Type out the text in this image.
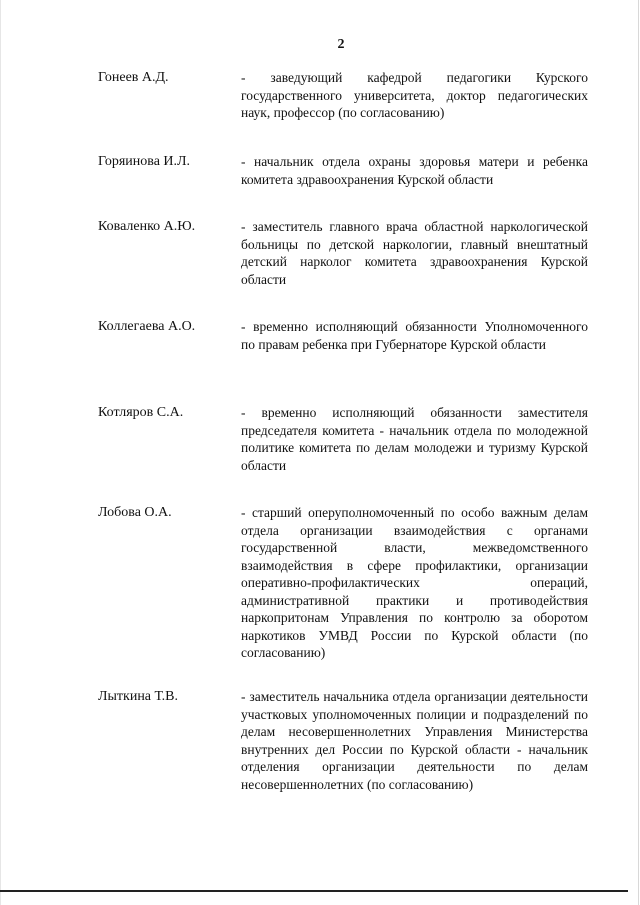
2
Гонеев А.Д.	- заведующий кафедрой педагогики Курского государственного университета, доктор педагогических наук, профессор (по согласованию)
Горяинова И.Л.	- начальник отдела охраны здоровья матери и ребенка комитета здравоохранения Курской области
Коваленко А.Ю.	- заместитель главного врача областной наркологической больницы по детской наркологии, главный внештатный детский нарколог комитета здравоохранения Курской области
Коллегаева А.О.	- временно исполняющий обязанности Уполномоченного по правам ребенка при Губернаторе Курской области
Котляров С.А.	- временно исполняющий обязанности заместителя председателя комитета - начальник отдела по молодежной политике комитета по делам молодежи и туризму Курской области
Лобова О.А.	- старший оперуполномоченный по особо важным делам отдела организации взаимодействия с органами государственной власти, межведомственного взаимодействия в сфере профилактики, организации оперативно-профилактических операций, административной практики и противодействия наркопритонам Управления по контролю за оборотом наркотиков УМВД России по Курской области (по согласованию)
Лыткина Т.В.	- заместитель начальника отдела организации деятельности участковых уполномоченных полиции и подразделений по делам несовершеннолетних Управления Министерства внутренних дел России по Курской области - начальник отделения организации деятельности по делам несовершеннолетних (по согласованию)
